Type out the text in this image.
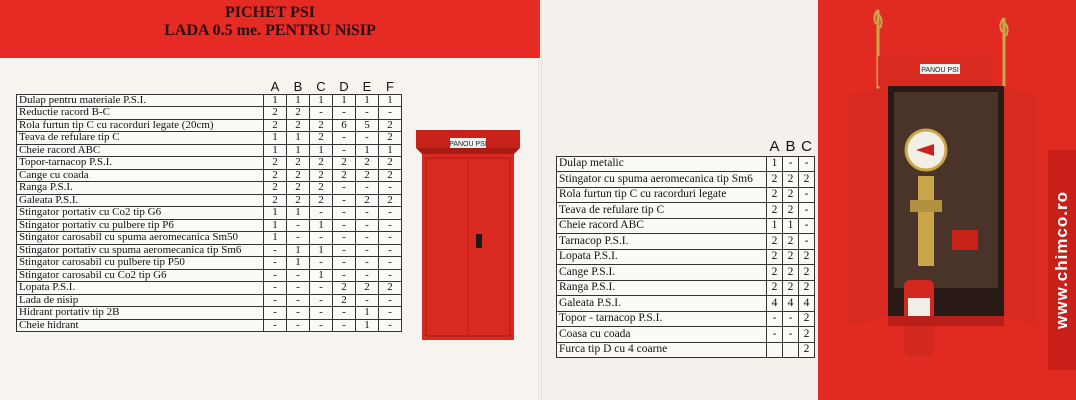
PICHET PSI
LADA 0.5 me. PENTRU NiSIP
	A	B	C	D	E	F
Dulap pentru materiale P.S.I.	1	1	1	1	1	1
Reductie racord B-C	2	2	-	-	-	-
Rola furtun tip C cu racorduri legate (20cm)	2	2	2	6	5	2
Teava de refulare tip C	1	1	2	-	-	2
Cheie racord ABC	1	1	1	-	1	1
Topor-tarnacop P.S.I.	2	2	2	2	2	2
Cange cu coada	2	2	2	2	2	2
Ranga P.S.I.	2	2	2	-	-	-
Galeata P.S.I.	2	2	2	-	2	2
Stingator portativ cu Co2 tip G6	1	1	-	-	-	-
Stingator portativ cu pulbere tip P6	1	-	1	-	-	-
Stingator carosabil cu spuma aeromecanica Sm50	1	-	-	-	-	-
Stingator portativ cu spuma aeromecanica tip Sm6	-	1	1	-	-	-
Stingator carosabil cu pulbere tip P50	-	1	-	-	-	-
Stingator carosabil cu Co2 tip G6	-	-	1	-	-	-
Lopata P.S.I.	-	-	-	2	2	2
Lada de nisip	-	-	-	2	-	-
Hidrant portativ tip 2B	-	-	-	-	1	-
Cheie hidrant	-	-	-	-	1	-
PANOU PSI
		A	B	C
Dulap metalic	1	-	-
Stingator cu spuma aeromecanica tip Sm6	2	2	2
Rola furtun tip C cu racorduri legate	2	2	-
Teava de refulare tip C	2	2	-
Cheie racord ABC	1	1	-
Tarnacop P.S.I.	2	2	-
Lopata P.S.I.	2	2	2
Cange P.S.I.	2	2	2
Ranga P.S.I.	2	2	2
Galeata P.S.I.	4	4	4
Topor - tarnacop P.S.I.	-	-	2
Coasa cu coada	-	-	2
Furca tip D cu 4 coarne			2
PANOU PSI
www.chimco.ro
